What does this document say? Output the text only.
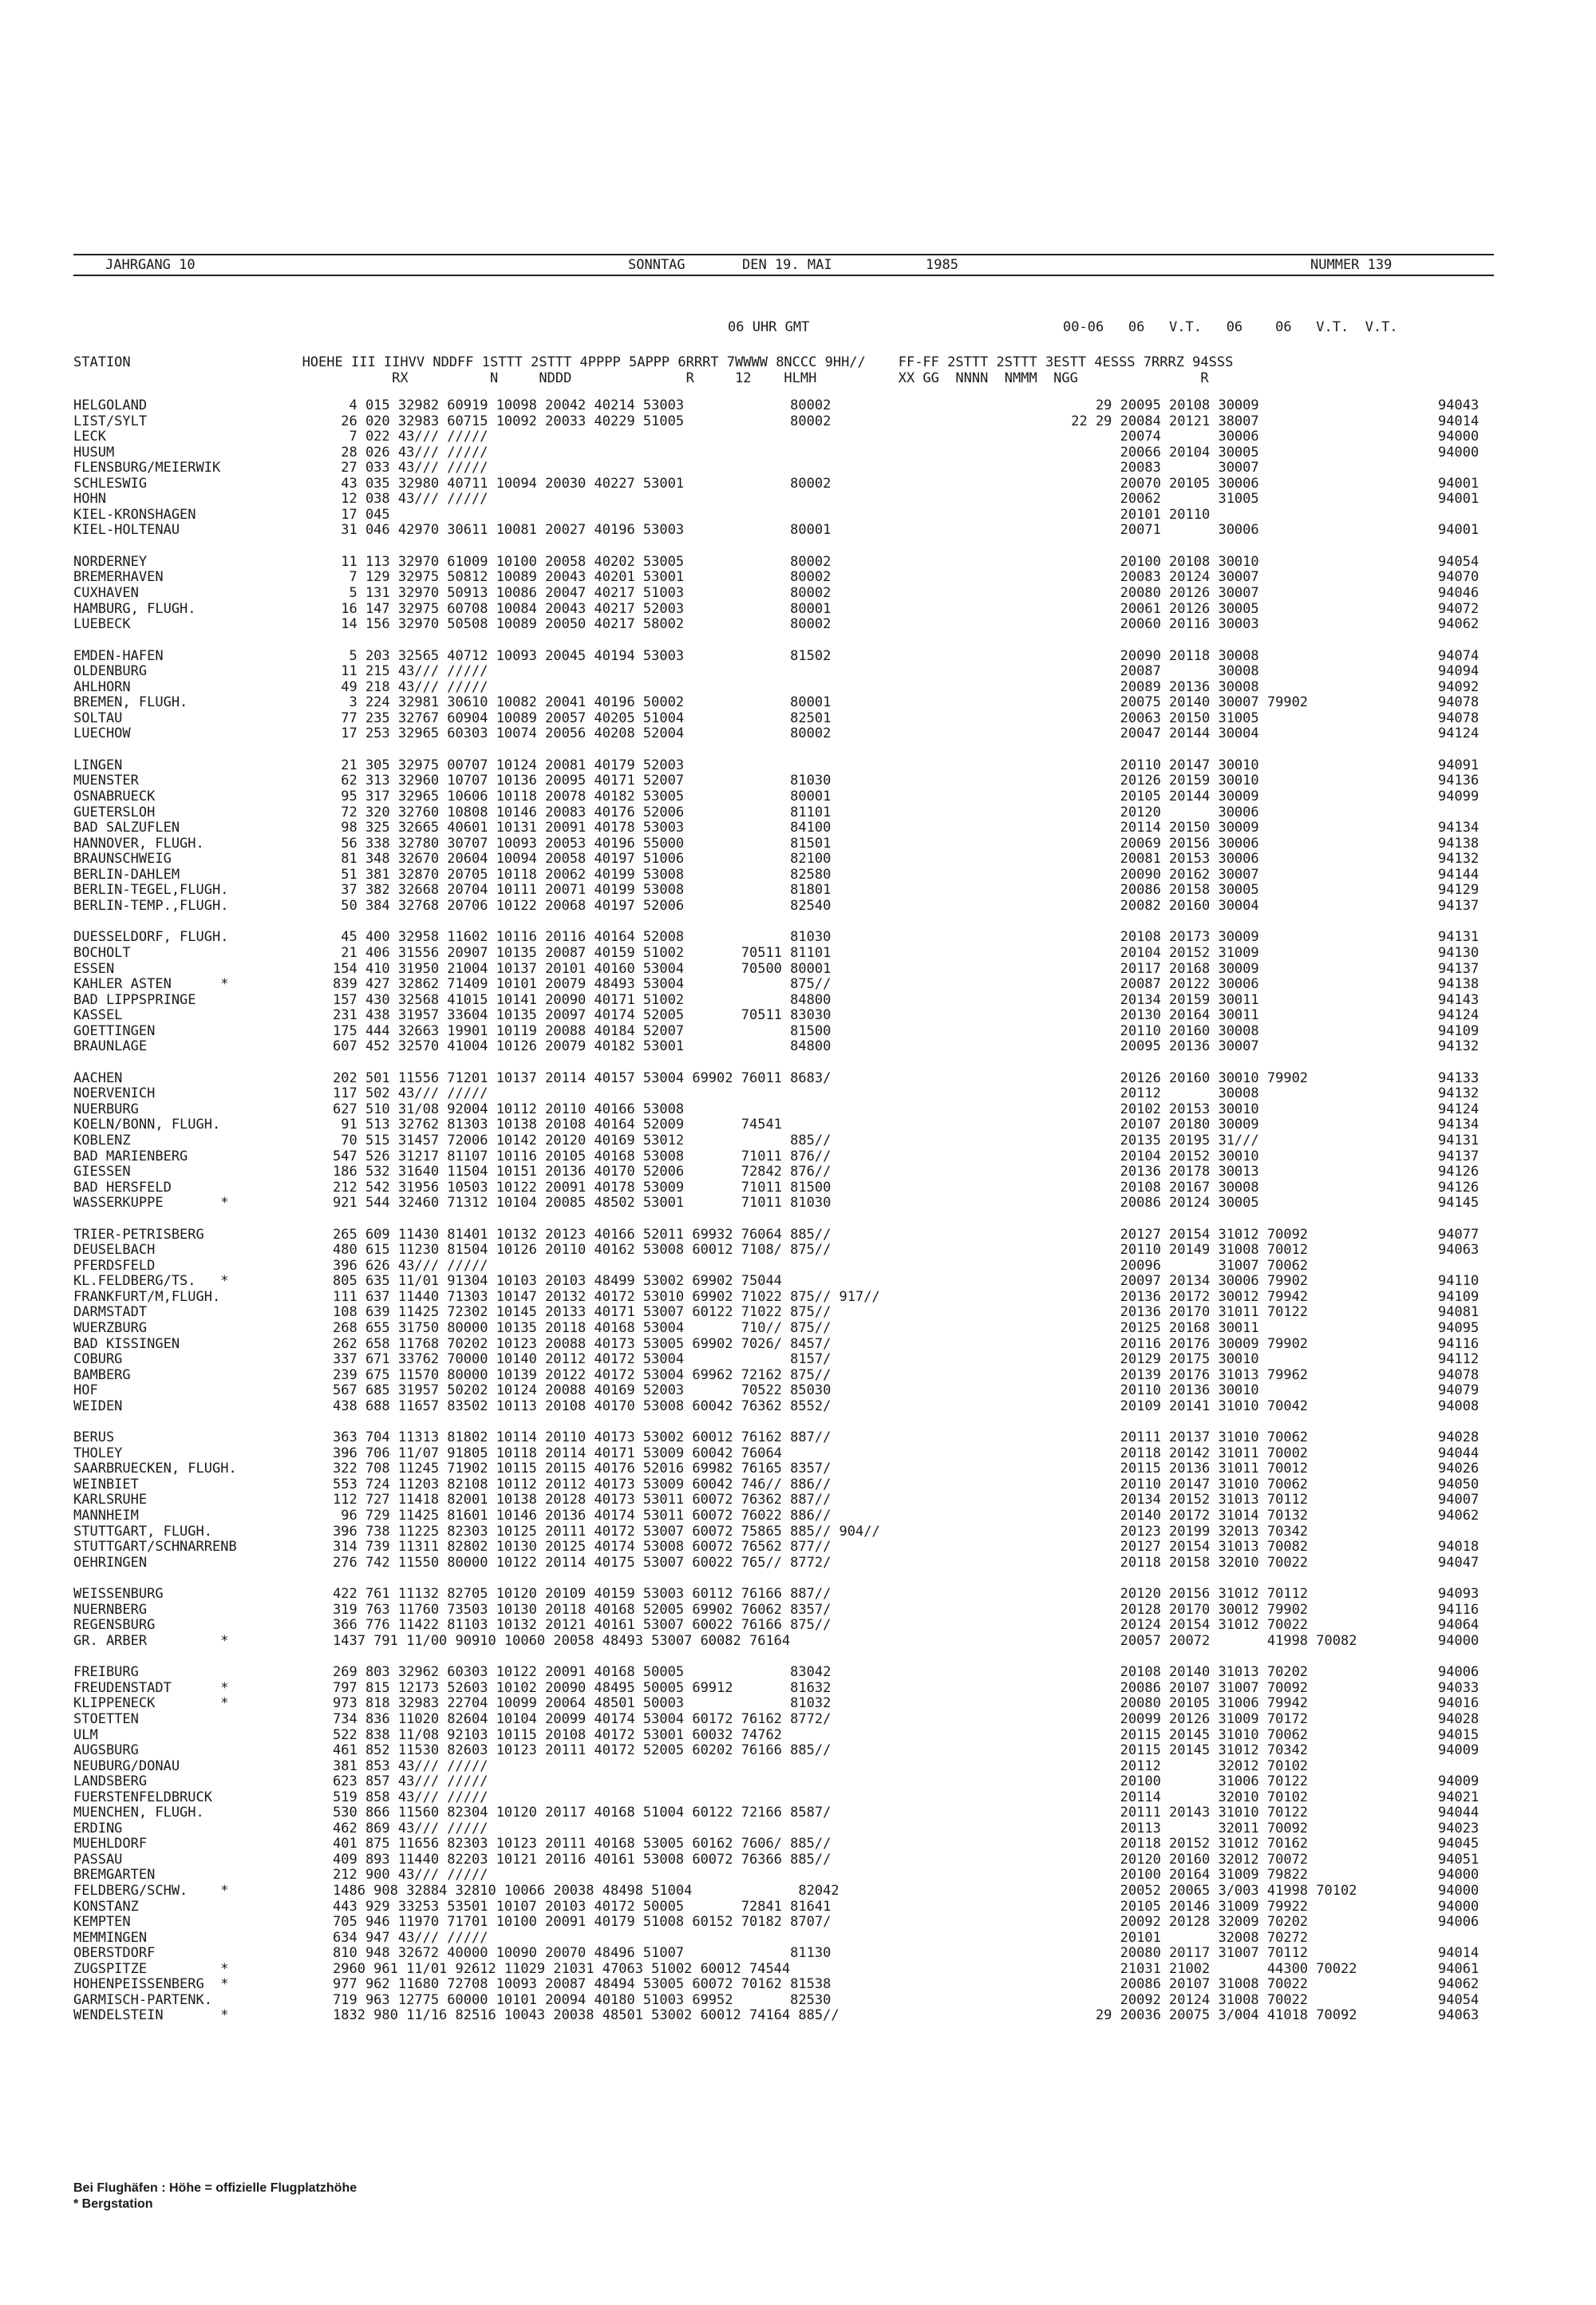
JAHRGANG 10	SONNTAG	DEN 19. MAI	1985	NUMMER 139
06 UHR GMT	00-06   06   V.T.   06    06   V.T.  V.T.
STATION                     HOEHE III IIHVV NDDFF 1STTT 2STTT 4PPPP 5APPP 6RRRT 7WWWW 8NCCC 9HH//    FF-FF 2STTT 2STTT 3ESTT 4ESSS 7RRRZ 94SSS
RX          N     NDDD              R     12    HLMH          XX GG  NNNN  NMMM  NGG               R
HELGOLAND	4 015 32982 60919 10098 20042 40214 53003             80002	29 20095 20108 30009	94043
LIST/SYLT	26 020 32983 60715 10092 20033 40229 51005             80002	22 29 20084 20121 38007	94014
LECK	7 022 43/// /////	20074       30006	94000
HUSUM	28 026 43/// /////	20066 20104 30005	94000
FLENSBURG/MEIERWIK	27 033 43/// /////	20083       30007
SCHLESWIG	43 035 32980 40711 10094 20030 40227 53001             80002	20070 20105 30006	94001
HOHN	12 038 43/// /////	20062       31005	94001
KIEL-KRONSHAGEN	17 045	20101 20110
KIEL-HOLTENAU	31 046 42970 30611 10081 20027 40196 53003             80001	20071       30006	94001
NORDERNEY	11 113 32970 61009 10100 20058 40202 53005             80002	20100 20108 30010	94054
BREMERHAVEN	7 129 32975 50812 10089 20043 40201 53001             80002	20083 20124 30007	94070
CUXHAVEN	5 131 32970 50913 10086 20047 40217 51003             80002	20080 20126 30007	94046
HAMBURG, FLUGH.	16 147 32975 60708 10084 20043 40217 52003             80001	20061 20126 30005	94072
LUEBECK	14 156 32970 50508 10089 20050 40217 58002             80002	20060 20116 30003	94062
EMDEN-HAFEN	5 203 32565 40712 10093 20045 40194 53003             81502	20090 20118 30008	94074
OLDENBURG	11 215 43/// /////	20087       30008	94094
AHLHORN	49 218 43/// /////	20089 20136 30008	94092
BREMEN, FLUGH.	3 224 32981 30610 10082 20041 40196 50002             80001	20075 20140 30007 79902	94078
SOLTAU	77 235 32767 60904 10089 20057 40205 51004             82501	20063 20150 31005	94078
LUECHOW	17 253 32965 60303 10074 20056 40208 52004             80002	20047 20144 30004	94124
LINGEN	21 305 32975 00707 10124 20081 40179 52003	20110 20147 30010	94091
MUENSTER	62 313 32960 10707 10136 20095 40171 52007             81030	20126 20159 30010	94136
OSNABRUECK	95 317 32965 10606 10118 20078 40182 53005             80001	20105 20144 30009	94099
GUETERSLOH	72 320 32760 10808 10146 20083 40176 52006             81101	20120       30006
BAD SALZUFLEN	98 325 32665 40601 10131 20091 40178 53003             84100	20114 20150 30009	94134
HANNOVER, FLUGH.	56 338 32780 30707 10093 20053 40196 55000             81501	20069 20156 30006	94138
BRAUNSCHWEIG	81 348 32670 20604 10094 20058 40197 51006             82100	20081 20153 30006	94132
BERLIN-DAHLEM	51 381 32870 20705 10118 20062 40199 53008             82580	20090 20162 30007	94144
BERLIN-TEGEL,FLUGH.	37 382 32668 20704 10111 20071 40199 53008             81801	20086 20158 30005	94129
BERLIN-TEMP.,FLUGH.	50 384 32768 20706 10122 20068 40197 52006             82540	20082 20160 30004	94137
DUESSELDORF, FLUGH.	45 400 32958 11602 10116 20116 40164 52008             81030	20108 20173 30009	94131
BOCHOLT	21 406 31556 20907 10135 20087 40159 51002       70511 81101	20104 20152 31009	94130
ESSEN	154 410 31950 21004 10137 20101 40160 53004       70500 80001	20117 20168 30009	94137
KAHLER ASTEN      *	839 427 32862 71409 10101 20079 48493 53004             875//	20087 20122 30006	94138
BAD LIPPSPRINGE	157 430 32568 41015 10141 20090 40171 51002             84800	20134 20159 30011	94143
KASSEL	231 438 31957 33604 10135 20097 40174 52005       70511 83030	20130 20164 30011	94124
GOETTINGEN	175 444 32663 19901 10119 20088 40184 52007             81500	20110 20160 30008	94109
BRAUNLAGE	607 452 32570 41004 10126 20079 40182 53001             84800	20095 20136 30007	94132
AACHEN	202 501 11556 71201 10137 20114 40157 53004 69902 76011 8683/	20126 20160 30010 79902	94133
NOERVENICH	117 502 43/// /////	20112       30008	94132
NUERBURG	627 510 31/08 92004 10112 20110 40166 53008	20102 20153 30010	94124
KOELN/BONN, FLUGH.	91 513 32762 81303 10138 20108 40164 52009       74541	20107 20180 30009	94134
KOBLENZ	70 515 31457 72006 10142 20120 40169 53012             885//	20135 20195 31///	94131
BAD MARIENBERG	547 526 31217 81107 10116 20105 40168 53008       71011 876//	20104 20152 30010	94137
GIESSEN	186 532 31640 11504 10151 20136 40170 52006       72842 876//	20136 20178 30013	94126
BAD HERSFELD	212 542 31956 10503 10122 20091 40178 53009       71011 81500	20108 20167 30008	94126
WASSERKUPPE       *	921 544 32460 71312 10104 20085 48502 53001       71011 81030	20086 20124 30005	94145
TRIER-PETRISBERG	265 609 11430 81401 10132 20123 40166 52011 69932 76064 885//	20127 20154 31012 70092	94077
DEUSELBACH	480 615 11230 81504 10126 20110 40162 53008 60012 7108/ 875//	20110 20149 31008 70012	94063
PFERDSFELD	396 626 43/// /////	20096       31007 70062
KL.FELDBERG/TS.   *	805 635 11/01 91304 10103 20103 48499 53002 69902 75044	20097 20134 30006 79902	94110
FRANKFURT/M,FLUGH.	111 637 11440 71303 10147 20132 40172 53010 69902 71022 875// 917//	20136 20172 30012 79942	94109
DARMSTADT	108 639 11425 72302 10145 20133 40171 53007 60122 71022 875//	20136 20170 31011 70122	94081
WUERZBURG	268 655 31750 80000 10135 20118 40168 53004       710// 875//	20125 20168 30011	94095
BAD KISSINGEN	262 658 11768 70202 10123 20088 40173 53005 69902 7026/ 8457/	20116 20176 30009 79902	94116
COBURG	337 671 33762 70000 10140 20112 40172 53004             8157/	20129 20175 30010	94112
BAMBERG	239 675 11570 80000 10139 20122 40172 53004 69962 72162 875//	20139 20176 31013 79962	94078
HOF	567 685 31957 50202 10124 20088 40169 52003       70522 85030	20110 20136 30010	94079
WEIDEN	438 688 11657 83502 10113 20108 40170 53008 60042 76362 8552/	20109 20141 31010 70042	94008
BERUS	363 704 11313 81802 10114 20110 40173 53002 60012 76162 887//	20111 20137 31010 70062	94028
THOLEY	396 706 11/07 91805 10118 20114 40171 53009 60042 76064	20118 20142 31011 70002	94044
SAARBRUECKEN, FLUGH.	322 708 11245 71902 10115 20115 40176 52016 69982 76165 8357/	20115 20136 31011 70012	94026
WEINBIET	553 724 11203 82108 10112 20112 40173 53009 60042 746// 886//	20110 20147 31010 70062	94050
KARLSRUHE	112 727 11418 82001 10138 20128 40173 53011 60072 76362 887//	20134 20152 31013 70112	94007
MANNHEIM	96 729 11425 81601 10146 20136 40174 53011 60072 76022 886//	20140 20172 31014 70132	94062
STUTTGART, FLUGH.	396 738 11225 82303 10125 20111 40172 53007 60072 75865 885// 904//	20123 20199 32013 70342
STUTTGART/SCHNARRENB	314 739 11311 82802 10130 20125 40174 53008 60072 76562 877//	20127 20154 31013 70082	94018
OEHRINGEN	276 742 11550 80000 10122 20114 40175 53007 60022 765// 8772/	20118 20158 32010 70022	94047
WEISSENBURG	422 761 11132 82705 10120 20109 40159 53003 60112 76166 887//	20120 20156 31012 70112	94093
NUERNBERG	319 763 11760 73503 10130 20118 40168 52005 69902 76062 8357/	20128 20170 30012 79902	94116
REGENSBURG	366 776 11422 81103 10132 20121 40161 53007 60022 76166 875//	20124 20154 31012 70022	94064
GR. ARBER         *	1437 791 11/00 90910 10060 20058 48493 53007 60082 76164	20057 20072       41998 70082	94000
FREIBURG	269 803 32962 60303 10122 20091 40168 50005             83042	20108 20140 31013 70202	94006
FREUDENSTADT      *	797 815 12173 52603 10102 20090 48495 50005 69912       81632	20086 20107 31007 70092	94033
KLIPPENECK        *	973 818 32983 22704 10099 20064 48501 50003             81032	20080 20105 31006 79942	94016
STOETTEN	734 836 11020 82604 10104 20099 40174 53004 60172 76162 8772/	20099 20126 31009 70172	94028
ULM	522 838 11/08 92103 10115 20108 40172 53001 60032 74762	20115 20145 31010 70062	94015
AUGSBURG	461 852 11530 82603 10123 20111 40172 52005 60202 76166 885//	20115 20145 31012 70342	94009
NEUBURG/DONAU	381 853 43/// /////	20112       32012 70102
LANDSBERG	623 857 43/// /////	20100       31006 70122	94009
FUERSTENFELDBRUCK	519 858 43/// /////	20114       32010 70102	94021
MUENCHEN, FLUGH.	530 866 11560 82304 10120 20117 40168 51004 60122 72166 8587/	20111 20143 31010 70122	94044
ERDING	462 869 43/// /////	20113       32011 70092	94023
MUEHLDORF	401 875 11656 82303 10123 20111 40168 53005 60162 7606/ 885//	20118 20152 31012 70162	94045
PASSAU	409 893 11440 82203 10121 20116 40161 53008 60072 76366 885//	20120 20160 32012 70072	94051
BREMGARTEN	212 900 43/// /////	20100 20164 31009 79822	94000
FELDBERG/SCHW.    *	1486 908 32884 32810 10066 20038 48498 51004             82042	20052 20065 3/003 41998 70102	94000
KONSTANZ	443 929 33253 53501 10107 20103 40172 50005       72841 81641	20105 20146 31009 79922	94000
KEMPTEN	705 946 11970 71701 10100 20091 40179 51008 60152 70182 8707/	20092 20128 32009 70202	94006
MEMMINGEN	634 947 43/// /////	20101       32008 70272
OBERSTDORF	810 948 32672 40000 10090 20070 48496 51007             81130	20080 20117 31007 70112	94014
ZUGSPITZE         *	2960 961 11/01 92612 11029 21031 47063 51002 60012 74544	21031 21002       44300 70022	94061
HOHENPEISSENBERG  *	977 962 11680 72708 10093 20087 48494 53005 60072 70162 81538	20086 20107 31008 70022	94062
GARMISCH-PARTENK.	719 963 12775 60000 10101 20094 40180 51003 69952       82530	20092 20124 31008 70022	94054
WENDELSTEIN       *	1832 980 11/16 82516 10043 20038 48501 53002 60012 74164 885//	29 20036 20075 3/004 41018 70092	94063
Bei Flughäfen : Höhe = offizielle Flugplatzhöhe
* Bergstation
